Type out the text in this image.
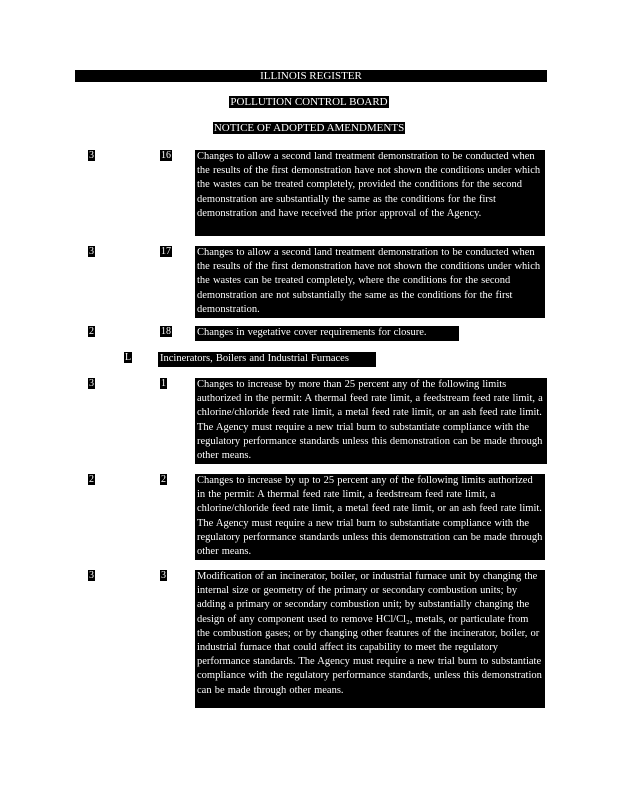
ILLINOIS REGISTER
POLLUTION CONTROL BOARD
NOTICE OF ADOPTED AMENDMENTS
3	16 Changes to allow a second land treatment demonstration to be conducted when the results of the first demonstration have not shown the conditions under which the wastes can be treated completely, provided the conditions for the second demonstration are substantially the same as the conditions for the first demonstration and have received the prior approval of the Agency.

3	17 Changes to allow a second land treatment demonstration to be conducted when the results of the first demonstration have not shown the conditions under which the wastes can be treated completely, where the conditions for the second demonstration are not substantially the same as the conditions for the first demonstration.

2	18 Changes in vegetative cover requirements for closure.

L	Incinerators, Boilers and Industrial Furnaces

3	1	Changes to increase by more than 25 percent any of the following limits authorized in the permit: A thermal feed rate limit, a feedstream feed rate limit, a chlorine/chloride feed rate limit, a metal feed rate limit, or an ash feed rate limit. The Agency must require a new trial burn to substantiate compliance with the regulatory performance standards unless this demonstration can be made through other means.

2	2	Changes to increase by up to 25 percent any of the following limits authorized in the permit: A thermal feed rate limit, a feedstream feed rate limit, a chlorine/chloride feed rate limit, a metal feed rate limit, or an ash feed rate limit. The Agency must require a new trial burn to substantiate compliance with the regulatory performance standards unless this demonstration can be made through other means.

3	3	Modification of an incinerator, boiler, or industrial furnace unit by changing the internal size or geometry of the primary or secondary combustion units; by adding a primary or secondary combustion unit; by substantially changing the design of any component used to remove HCl/Cl₂, metals, or particulate from the combustion gases; or by changing other features of the incinerator, boiler, or industrial furnace that could affect its capability to meet the regulatory performance standards. The Agency must require a new trial burn to substantiate compliance with the regulatory performance standards, unless this demonstration can be made through other means.
